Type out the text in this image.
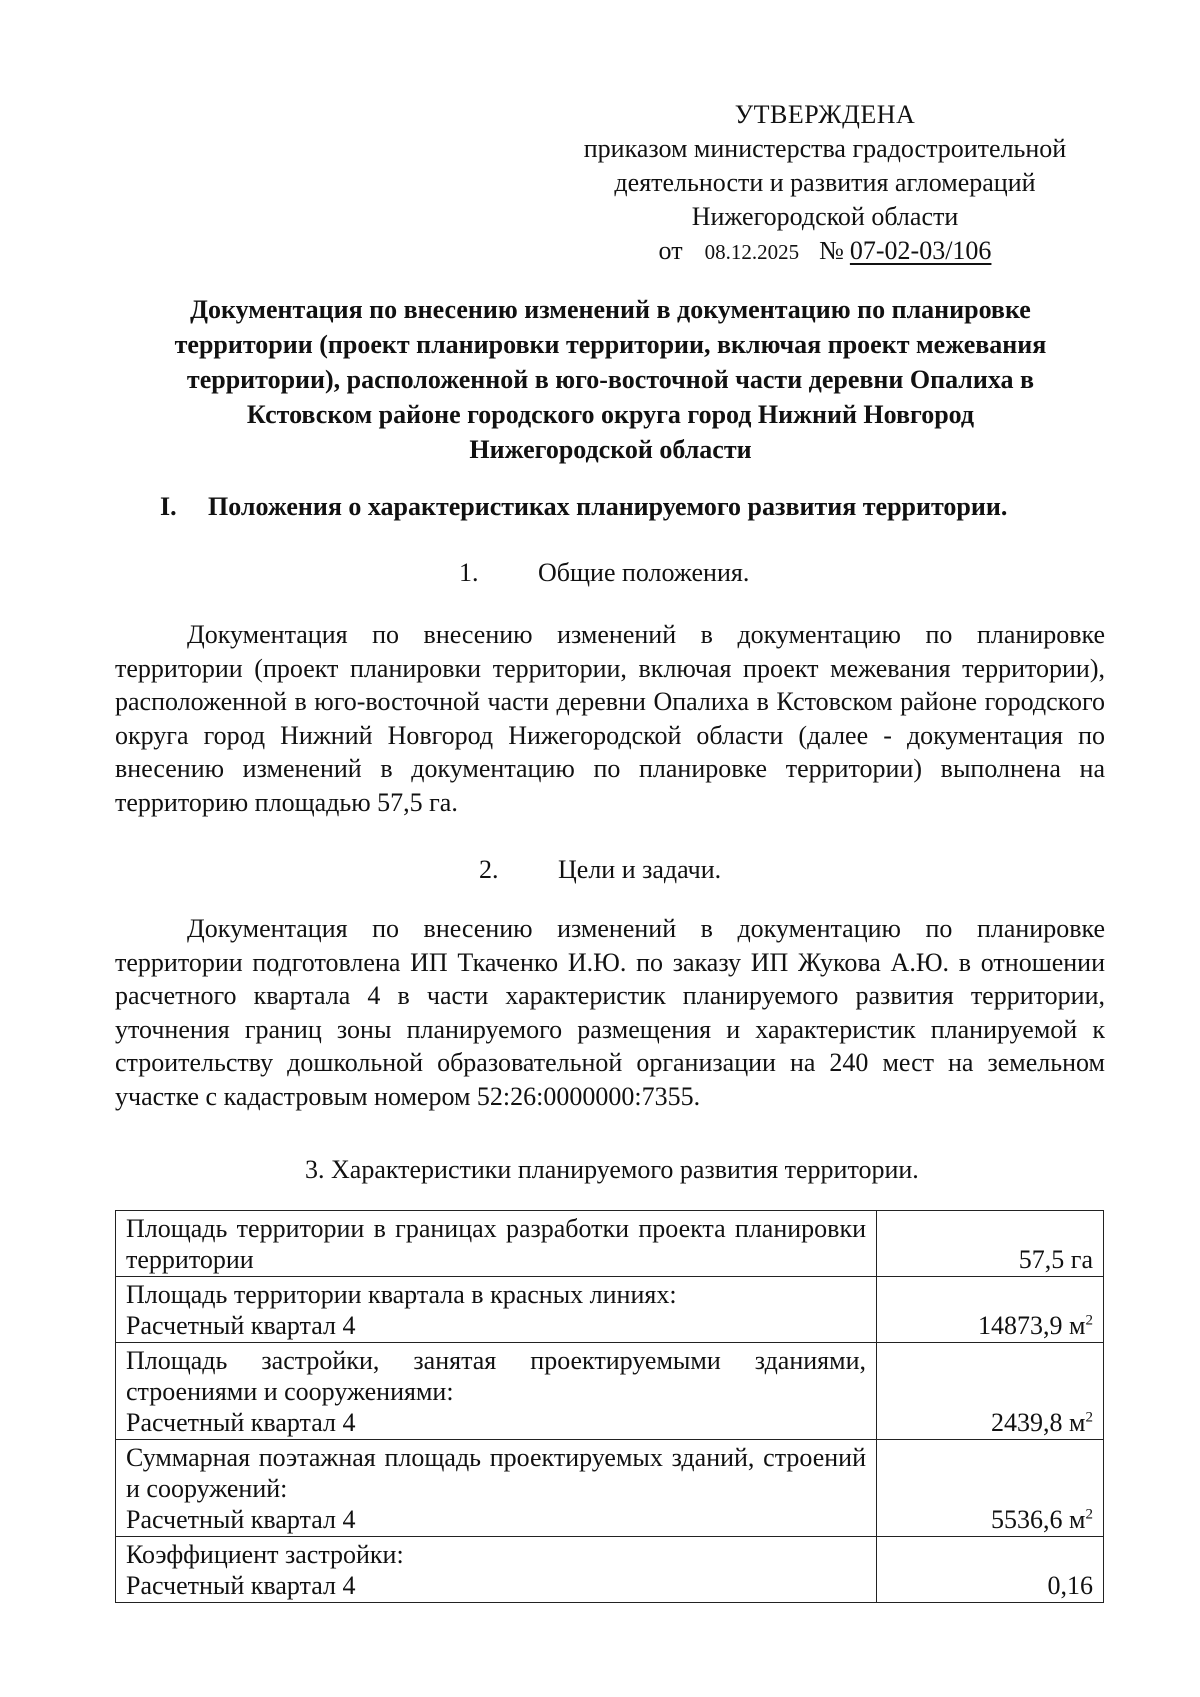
УТВЕРЖДЕНА
приказом министерства градостроительной
деятельности и развития агломераций
Нижегородской области
от 08.12.2025 № 07-02-03/106
Документация по внесению изменений в документацию по планировке
территории (проект планировки территории, включая проект межевания
территории), расположенной в юго-восточной части деревни Опалиха в
Кстовском районе городского округа город Нижний Новгород
Нижегородской области
I. Положения о характеристиках планируемого развития территории.
1. Общие положения.

Документация по внесению изменений в документацию по планировке территории (проект планировки территории, включая проект межевания территории), расположенной в юго-восточной части деревни Опалиха в Кстовском районе городского округа город Нижний Новгород Нижегородской области (далее - документация по внесению изменений в документацию по планировке территории) выполнена на территорию площадью 57,5 га.

2. Цели и задачи.

Документация по внесению изменений в документацию по планировке территории подготовлена ИП Ткаченко И.Ю. по заказу ИП Жукова А.Ю. в отношении расчетного квартала 4 в части характеристик планируемого развития территории, уточнения границ зоны планируемого размещения и характеристик планируемой к строительству дошкольной образовательной организации на 240 мест на земельном участке с кадастровым номером 52:26:0000000:7355.

3. Характеристики планируемого развития территории.
Площадь территории в границах разработки проекта планировки территории	57,5 га

Площадь территории квартала в красных линиях:
Расчетный квартал 4	14873,9 $м^2$

Площадь застройки, занятая проектируемыми зданиями, строениями и сооружениями:
Расчетный квартал 4	2439,8 $м^2$

Суммарная поэтажная площадь проектируемых зданий, строений и сооружений:
Расчетный квартал 4	5536,6 $м^2$

Коэффициент застройки:
Расчетный квартал 4	0,16
